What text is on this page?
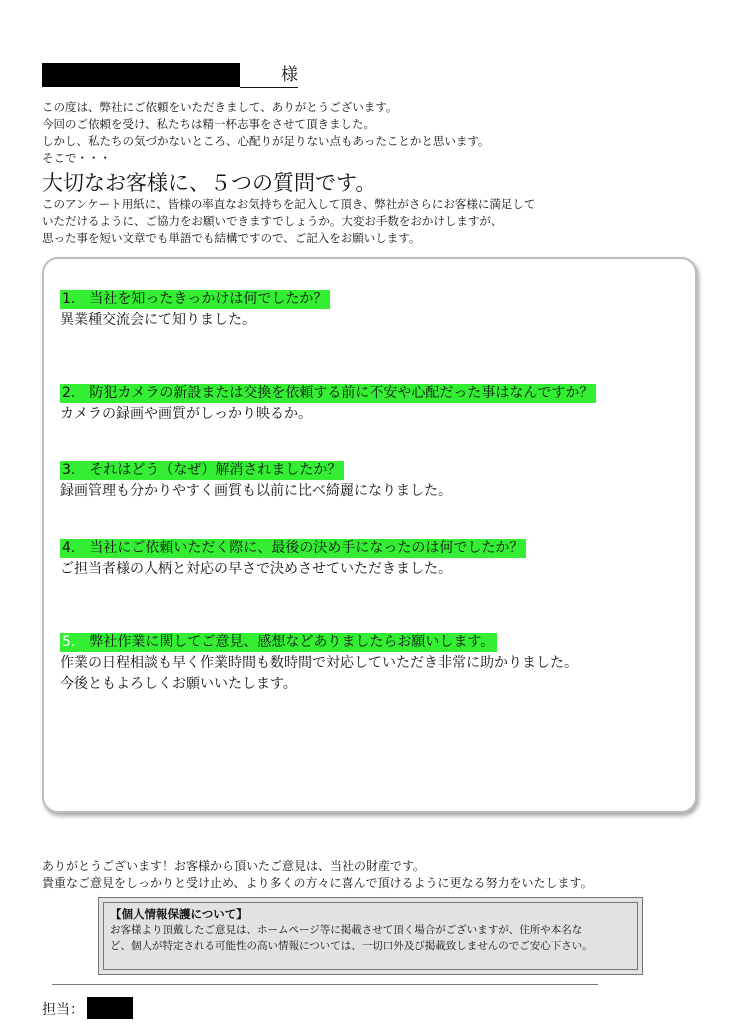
様
この度は、弊社にご依頼をいただきまして、ありがとうございます。
今回のご依頼を受け、私たちは精一杯志事をさせて頂きました。
しかし、私たちの気づかないところ、心配りが足りない点もあったことかと思います。
そこで・・・
大切なお客様に、５つの質問です。
このアンケート用紙に、皆様の率直なお気持ちを記入して頂き、弊社がさらにお客様に満足して
いただけるように、ご協力をお願いできますでしょうか。大変お手数をおかけしますが、
思った事を短い文章でも単語でも結構ですので、ご記入をお願いします。
1.　 当社を知ったきっかけは何でしたか？
異業種交流会にて知りました。
2.　 防犯カメラの新設または交換を依頼する前に不安や心配だった事はなんですか？
カメラの録画や画質がしっかり映るか。
3.　 それはどう（なぜ）解消されましたか？
録画管理も分かりやすく画質も以前に比べ綺麗になりました。
4.　 当社にご依頼いただく際に、最後の決め手になったのは何でしたか？
ご担当者様の人柄と対応の早さで決めさせていただきました。
5.　 弊社作業に関してご意見、感想などありましたらお願いします。
作業の日程相談も早く作業時間も数時間で対応していただき非常に助かりました。
今後ともよろしくお願いいたします。
ありがとうございます！お客様から頂いたご意見は、当社の財産です。
貴重なご意見をしっかりと受け止め、より多くの方々に喜んで頂けるように更なる努力をいたします。
【個人情報保護について】
お客様より頂戴したご意見は、ホームページ等に掲載させて頂く場合がございますが、住所や本名な
ど、個人が特定される可能性の高い情報については、一切口外及び掲載致しませんのでご安心下さい。
担当：
